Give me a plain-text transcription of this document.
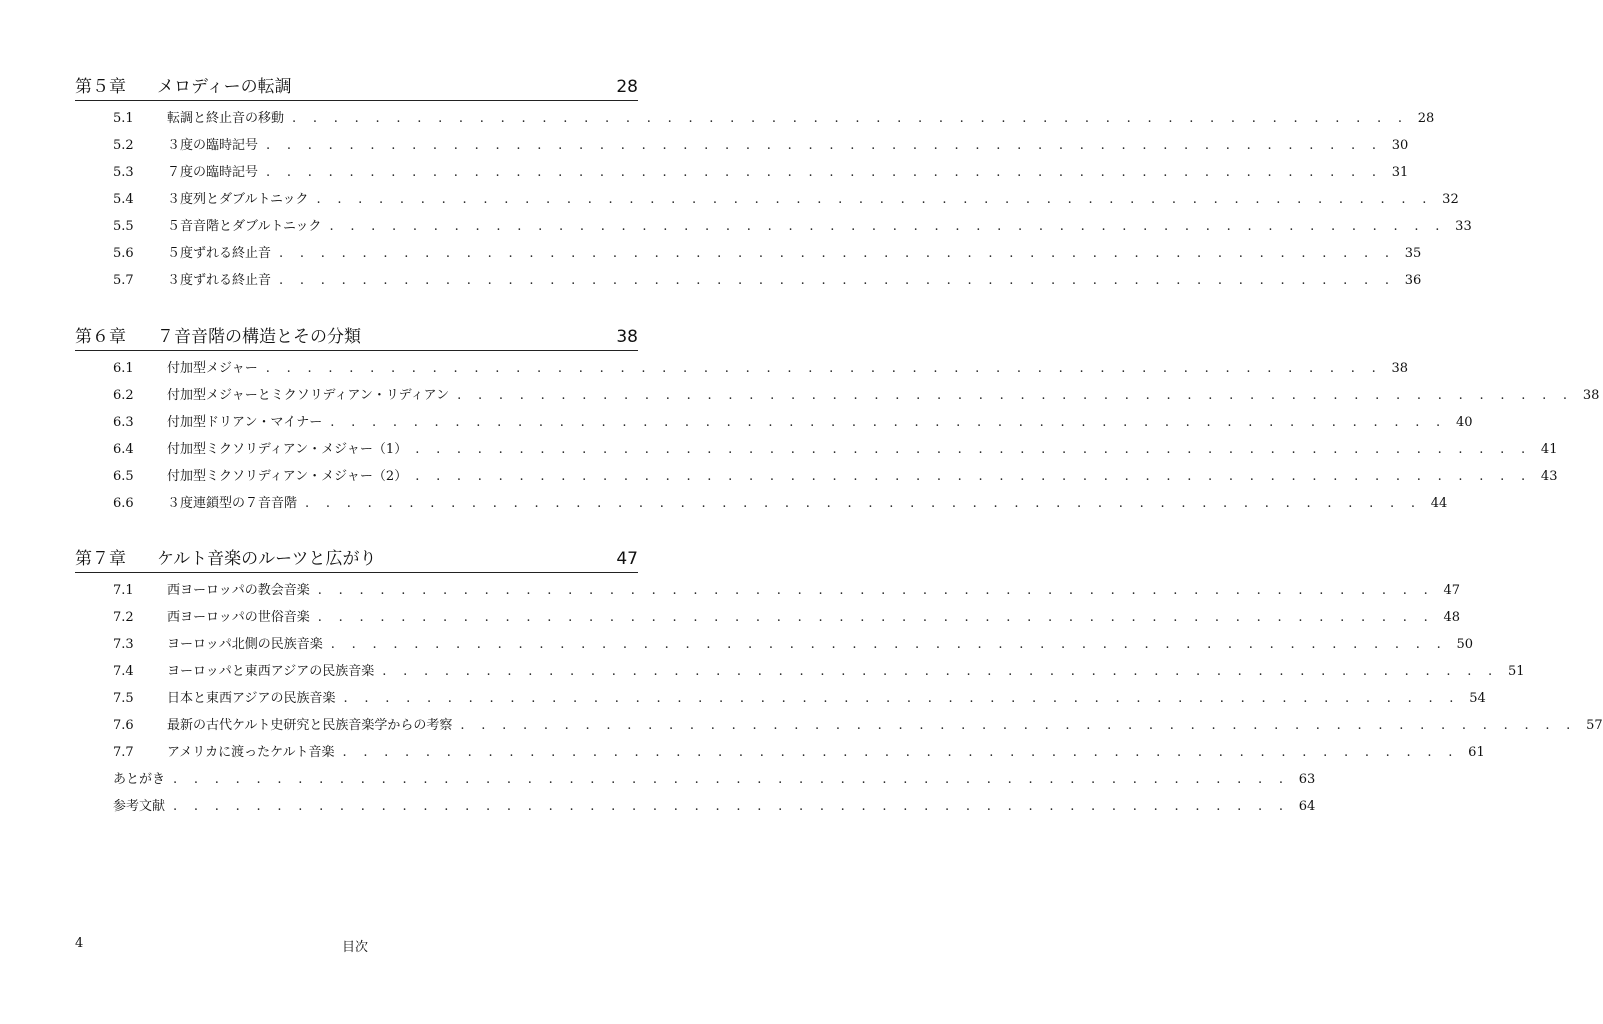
第５章 メロディーの転調	28
5.1	転調と終止音の移動 . . . . . . . . . . . . . . . . . . . . . . . . . . . . . . . . . . . . . . . . . . . . . . . . . . . . . . 28
5.2	３度の臨時記号 . . . . . . . . . . . . . . . . . . . . . . . . . . . . . . . . . . . . . . . . . . . . . . . . . . . . . . 30
5.3	７度の臨時記号 . . . . . . . . . . . . . . . . . . . . . . . . . . . . . . . . . . . . . . . . . . . . . . . . . . . . . . 31
5.4	３度列とダブルトニック . . . . . . . . . . . . . . . . . . . . . . . . . . . . . . . . . . . . . . . . . . . . . . . . . . . . . . 32
5.5	５音音階とダブルトニック . . . . . . . . . . . . . . . . . . . . . . . . . . . . . . . . . . . . . . . . . . . . . . . . . . . . . . 33
5.6	５度ずれる終止音 . . . . . . . . . . . . . . . . . . . . . . . . . . . . . . . . . . . . . . . . . . . . . . . . . . . . . . 35
5.7	３度ずれる終止音 . . . . . . . . . . . . . . . . . . . . . . . . . . . . . . . . . . . . . . . . . . . . . . . . . . . . . . 36
第６章 ７音音階の構造とその分類	38
6.1	付加型メジャー . . . . . . . . . . . . . . . . . . . . . . . . . . . . . . . . . . . . . . . . . . . . . . . . . . . . . . 38
6.2	付加型メジャーとミクソリディアン・リディアン . . . . . . . . . . . . . . . . . . . . . . . . . . . . . . . . . . . . . . . . . . . . . . . . . . . . . . 38
6.3	付加型ドリアン・マイナー . . . . . . . . . . . . . . . . . . . . . . . . . . . . . . . . . . . . . . . . . . . . . . . . . . . . . . 40
6.4	付加型ミクソリディアン・メジャー（1） . . . . . . . . . . . . . . . . . . . . . . . . . . . . . . . . . . . . . . . . . . . . . . . . . . . . . . 41
6.5	付加型ミクソリディアン・メジャー（2） . . . . . . . . . . . . . . . . . . . . . . . . . . . . . . . . . . . . . . . . . . . . . . . . . . . . . . 43
6.6	３度連鎖型の７音音階 . . . . . . . . . . . . . . . . . . . . . . . . . . . . . . . . . . . . . . . . . . . . . . . . . . . . . . 44
第７章 ケルト音楽のルーツと広がり	47
7.1	西ヨーロッパの教会音楽 . . . . . . . . . . . . . . . . . . . . . . . . . . . . . . . . . . . . . . . . . . . . . . . . . . . . . . 47
7.2	西ヨーロッパの世俗音楽 . . . . . . . . . . . . . . . . . . . . . . . . . . . . . . . . . . . . . . . . . . . . . . . . . . . . . . 48
7.3	ヨーロッパ北側の民族音楽 . . . . . . . . . . . . . . . . . . . . . . . . . . . . . . . . . . . . . . . . . . . . . . . . . . . . . . 50
7.4	ヨーロッパと東西アジアの民族音楽 . . . . . . . . . . . . . . . . . . . . . . . . . . . . . . . . . . . . . . . . . . . . . . . . . . . . . . 51
7.5	日本と東西アジアの民族音楽 . . . . . . . . . . . . . . . . . . . . . . . . . . . . . . . . . . . . . . . . . . . . . . . . . . . . . . 54
7.6	最新の古代ケルト史研究と民族音楽学からの考察 . . . . . . . . . . . . . . . . . . . . . . . . . . . . . . . . . . . . . . . . . . . . . . . . . . . . . . 57
7.7	アメリカに渡ったケルト音楽 . . . . . . . . . . . . . . . . . . . . . . . . . . . . . . . . . . . . . . . . . . . . . . . . . . . . . . 61
あとがき . . . . . . . . . . . . . . . . . . . . . . . . . . . . . . . . . . . . . . . . . . . . . . . . . . . . . . 63
参考文献 . . . . . . . . . . . . . . . . . . . . . . . . . . . . . . . . . . . . . . . . . . . . . . . . . . . . . . 64
4	目次
